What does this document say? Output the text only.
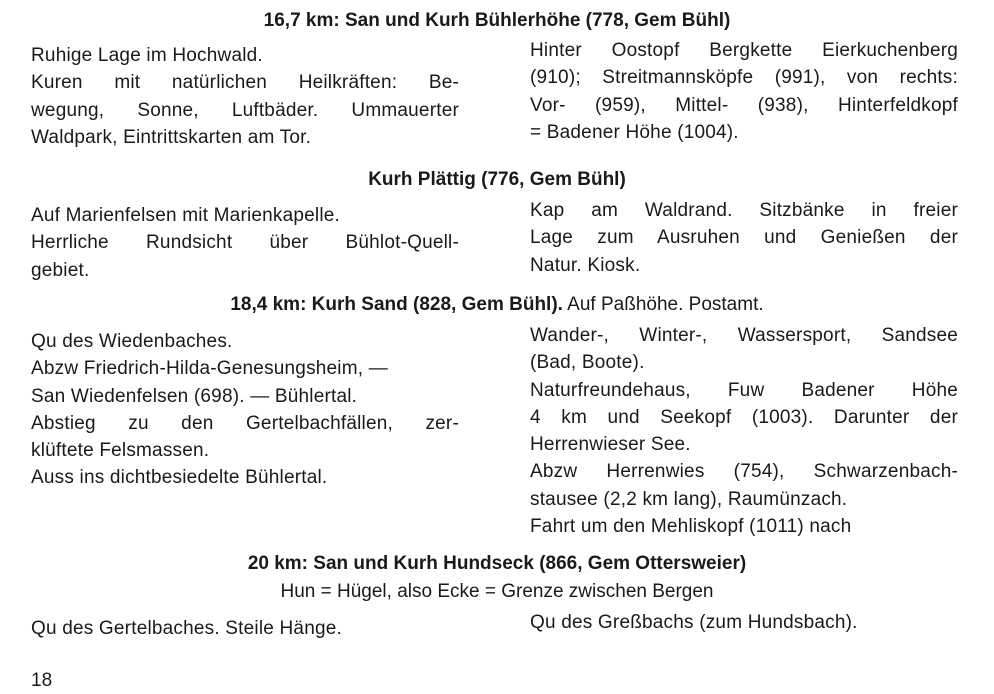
16,7 km: San und Kurh Bühlerhöhe (778, Gem Bühl)
Ruhige Lage im Hochwald.
Kuren mit natürlichen Heilkräften: Be-
wegung, Sonne, Luftbäder. Ummauerter
Waldpark, Eintrittskarten am Tor.
Hinter Oostopf Bergkette Eierkuchenberg
(910); Streitmannsköpfe (991), von rechts:
Vor- (959), Mittel- (938), Hinterfeldkopf
= Badener Höhe (1004).
Kurh Plättig (776, Gem Bühl)
Auf Marienfelsen mit Marienkapelle.
Herrliche Rundsicht über Bühlot-Quell-
gebiet.
Kap am Waldrand. Sitzbänke in freier
Lage zum Ausruhen und Genießen der
Natur. Kiosk.
18,4 km: Kurh Sand (828, Gem Bühl). Auf Paßhöhe. Postamt.
Qu des Wiedenbaches.
Abzw Friedrich-Hilda-Genesungsheim, —
San Wiedenfelsen (698). — Bühlertal.
Abstieg zu den Gertelbachfällen, zer-
klüftete Felsmassen.
Auss ins dichtbesiedelte Bühlertal.
Wander-, Winter-, Wassersport, Sandsee
(Bad, Boote).
Naturfreundehaus, Fuw Badener Höhe
4 km und Seekopf (1003). Darunter der
Herrenwieser See.
Abzw Herrenwies (754), Schwarzenbach-
stausee (2,2 km lang), Raumünzach.
Fahrt um den Mehliskopf (1011) nach
20 km: San und Kurh Hundseck (866, Gem Ottersweier)
Hun = Hügel, also Ecke = Grenze zwischen Bergen
Qu des Gertelbaches. Steile Hänge.	Qu des Greßbachs (zum Hundsbach).
18
